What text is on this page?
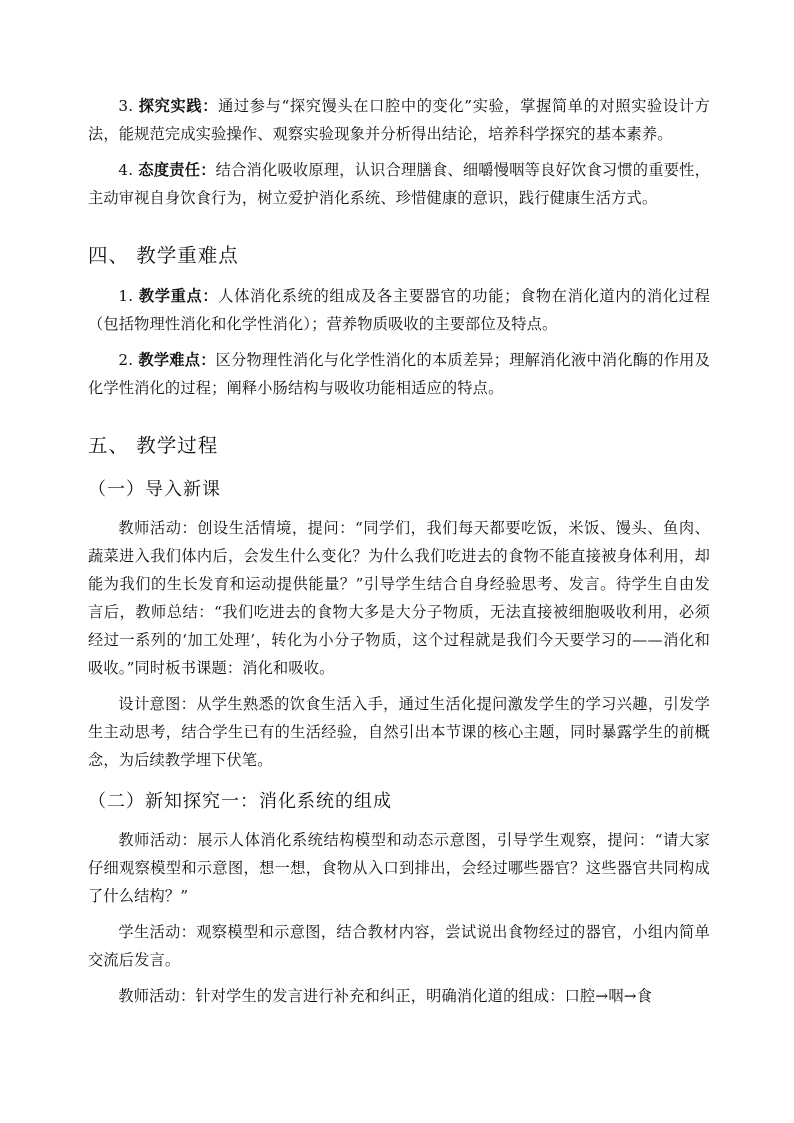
3. 探究实践：通过参与“探究馒头在口腔中的变化”实验，掌握简单的对照实验设计方法，能规范完成实验操作、观察实验现象并分析得出结论，培养科学探究的基本素养。

4. 态度责任：结合消化吸收原理，认识合理膳食、细嚼慢咽等良好饮食习惯的重要性，主动审视自身饮食行为，树立爱护消化系统、珍惜健康的意识，践行健康生活方式。

四、 教学重难点

1. 教学重点：人体消化系统的组成及各主要器官的功能；食物在消化道内的消化过程（包括物理性消化和化学性消化）；营养物质吸收的主要部位及特点。

2. 教学难点：区分物理性消化与化学性消化的本质差异；理解消化液中消化酶的作用及化学性消化的过程；阐释小肠结构与吸收功能相适应的特点。

五、 教学过程
（一）导入新课

教师活动：创设生活情境，提问：“同学们，我们每天都要吃饭，米饭、馒头、鱼肉、蔬菜进入我们体内后，会发生什么变化？为什么我们吃进去的食物不能直接被身体利用，却能为我们的生长发育和运动提供能量？”引导学生结合自身经验思考、发言。待学生自由发言后，教师总结：“我们吃进去的食物大多是大分子物质，无法直接被细胞吸收利用，必须经过一系列的‘加工处理’，转化为小分子物质，这个过程就是我们今天要学习的——消化和吸收。”同时板书课题：消化和吸收。

设计意图：从学生熟悉的饮食生活入手，通过生活化提问激发学生的学习兴趣，引发学生主动思考，结合学生已有的生活经验，自然引出本节课的核心主题，同时暴露学生的前概念，为后续教学埋下伏笔。

（二）新知探究一：消化系统的组成

教师活动：展示人体消化系统结构模型和动态示意图，引导学生观察，提问：“请大家仔细观察模型和示意图，想一想，食物从入口到排出，会经过哪些器官？这些器官共同构成了什么结构？”

学生活动：观察模型和示意图，结合教材内容，尝试说出食物经过的器官，小组内简单交流后发言。

教师活动：针对学生的发言进行补充和纠正，明确消化道的组成：口腔→咽→食
